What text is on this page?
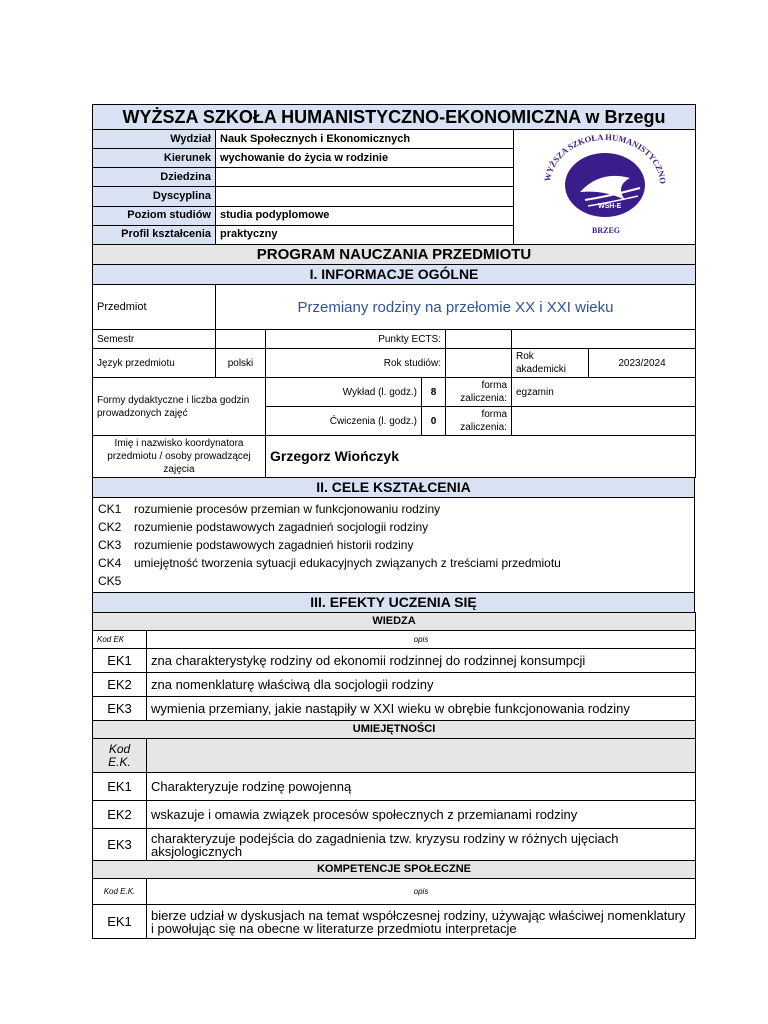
WYŻSZA SZKOŁA HUMANISTYCZNO-EKONOMICZNA w Brzegu		
Wydział	Nauk Społecznych i Ekonomicznych	WYŻSZA SZKOŁA HUMANISTYCZNO
WSH-E
BRZEG

Kierunek	wychowanie do życia w rodzinie	
Dziedzina		
Dyscyplina		
Poziom studiów	studia podyplomowe	
Profil kształcenia	praktyczny	
PROGRAM NAUCZANIA PRZEDMIOTU		
I. INFORMACJE OGÓLNE		
Przedmiot	Przemiany rodziny na przełomie XX i XXI wieku					
Semestr		Punkty ECTS:				
Język przedmiotu	polski	Rok studiów:			Rok akademicki	2023/2024
Formy dydaktyczne i liczba godzin prowadzonych zajęć		Wykład (l. godz.)	8	forma zaliczenia:	egzamin	
		Ćwiczenia (l. godz.)	0	forma zaliczenia:		
Imię i nazwisko koordynatora przedmiotu / osoby prowadzącej zajęcia		Grzegorz Wiończyk				
II. CELE KSZTAŁCENIA

CK1 rozumienie procesów przemian w funkcjonowaniu rodziny
CK2 rozumienie podstawowych zagadnień socjologii rodziny
CK3 rozumienie podstawowych zagadnień historii rodziny
CK4 umiejętność tworzenia sytuacji edukacyjnych związanych z treściami przedmiotu
CK5

III. EFEKTY UCZENIA SIĘ
WIEDZA	
Kod EK	opis
EK1	zna charakterystykę rodziny od ekonomii rodzinnej do rodzinnej konsumpcji
EK2	zna nomenklaturę właściwą dla socjologii rodziny
EK3	wymienia przemiany, jakie nastąpiły w XXI wieku w obrębie funkcjonowania rodziny
UMIEJĘTNOŚCI	
Kod E.K.	
EK1	Charakteryzuje rodzinę powojenną
EK2	wskazuje i omawia związek procesów społecznych z przemianami rodziny
EK3	charakteryzuje podejścia do zagadnienia tzw. kryzysu rodziny w różnych ujęciach aksjologicznych
KOMPETENCJE SPOŁECZNE	
Kod E.K.	opis
EK1	bierze udział w dyskusjach na temat współczesnej rodziny, używając właściwej nomenklatury i powołując się na obecne w literaturze przedmiotu interpretacje
